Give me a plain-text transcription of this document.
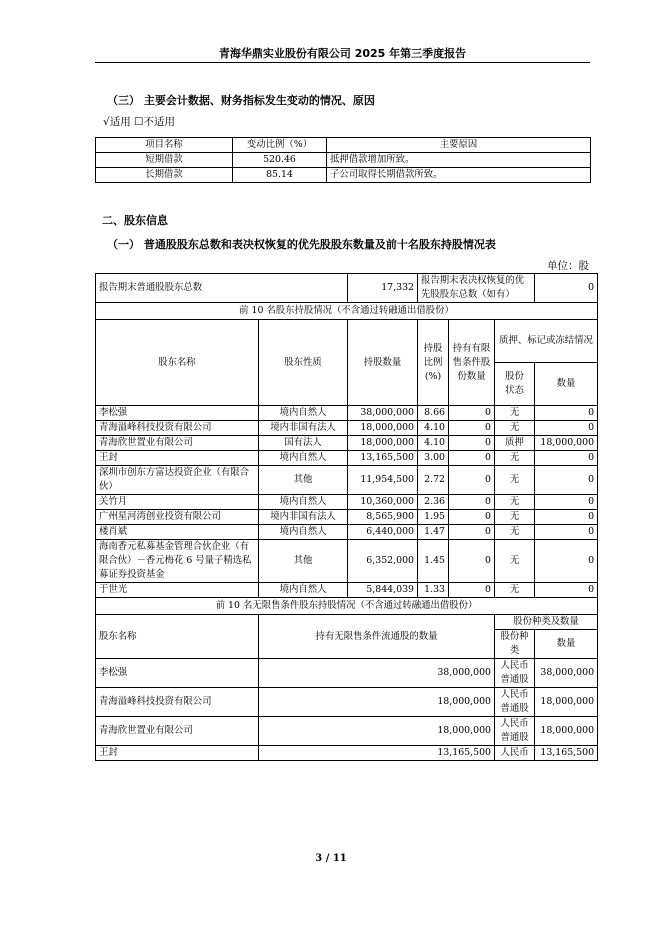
青海华鼎实业股份有限公司 2025 年第三季度报告
（三） 主要会计数据、财务指标发生变动的情况、原因
√适用 ☐不适用
项目名称	变动比例（%）	主要原因
短期借款	520.46	抵押借款增加所致。
长期借款	85.14	子公司取得长期借款所致。
二、股东信息
（一） 普通股股东总数和表决权恢复的优先股股东数量及前十名股东持股情况表
单位：股
报告期末普通股股东总数		17,332	报告期末表决权恢复的优先股股东总数（如有）			0
前 10 名股东持股情况（不含通过转融通出借股份）						
股东名称	股东性质	持股数量	持股比例(%)	持有有限售条件股份数量	质押、标记或冻结情况	
					股份状态	数量
李松强	境内自然人	38,000,000	8.66	0	无	0
青海溢峰科技投资有限公司	境内非国有法人	18,000,000	4.10	0	无	0
青海欣世置业有限公司	国有法人	18,000,000	4.10	0	质押	18,000,000
王封	境内自然人	13,165,500	3.00	0	无	0
深圳市创东方富达投资企业（有限合伙）	其他	11,954,500	2.72	0	无	0
关竹月	境内自然人	10,360,000	2.36	0	无	0
广州星河湾创业投资有限公司	境内非国有法人	8,565,900	1.95	0	无	0
楼肖斌	境内自然人	6,440,000	1.47	0	无	0
海南香元私募基金管理合伙企业（有限合伙）－香元梅花 6 号量子精选私募证券投资基金	其他	6,352,000	1.45	0	无	0
于世光	境内自然人	5,844,039	1.33	0	无	0
前 10 名无限售条件股东持股情况（不含通过转融通出借股份）						
股东名称	持有无限售条件流通股的数量				股份种类及数量	
					股份种类	数量
李松强	38,000,000				人民币普通股	38,000,000
青海溢峰科技投资有限公司	18,000,000				人民币普通股	18,000,000
青海欣世置业有限公司	18,000,000				人民币普通股	18,000,000
王封	13,165,500				人民币	13,165,500
3 / 11
